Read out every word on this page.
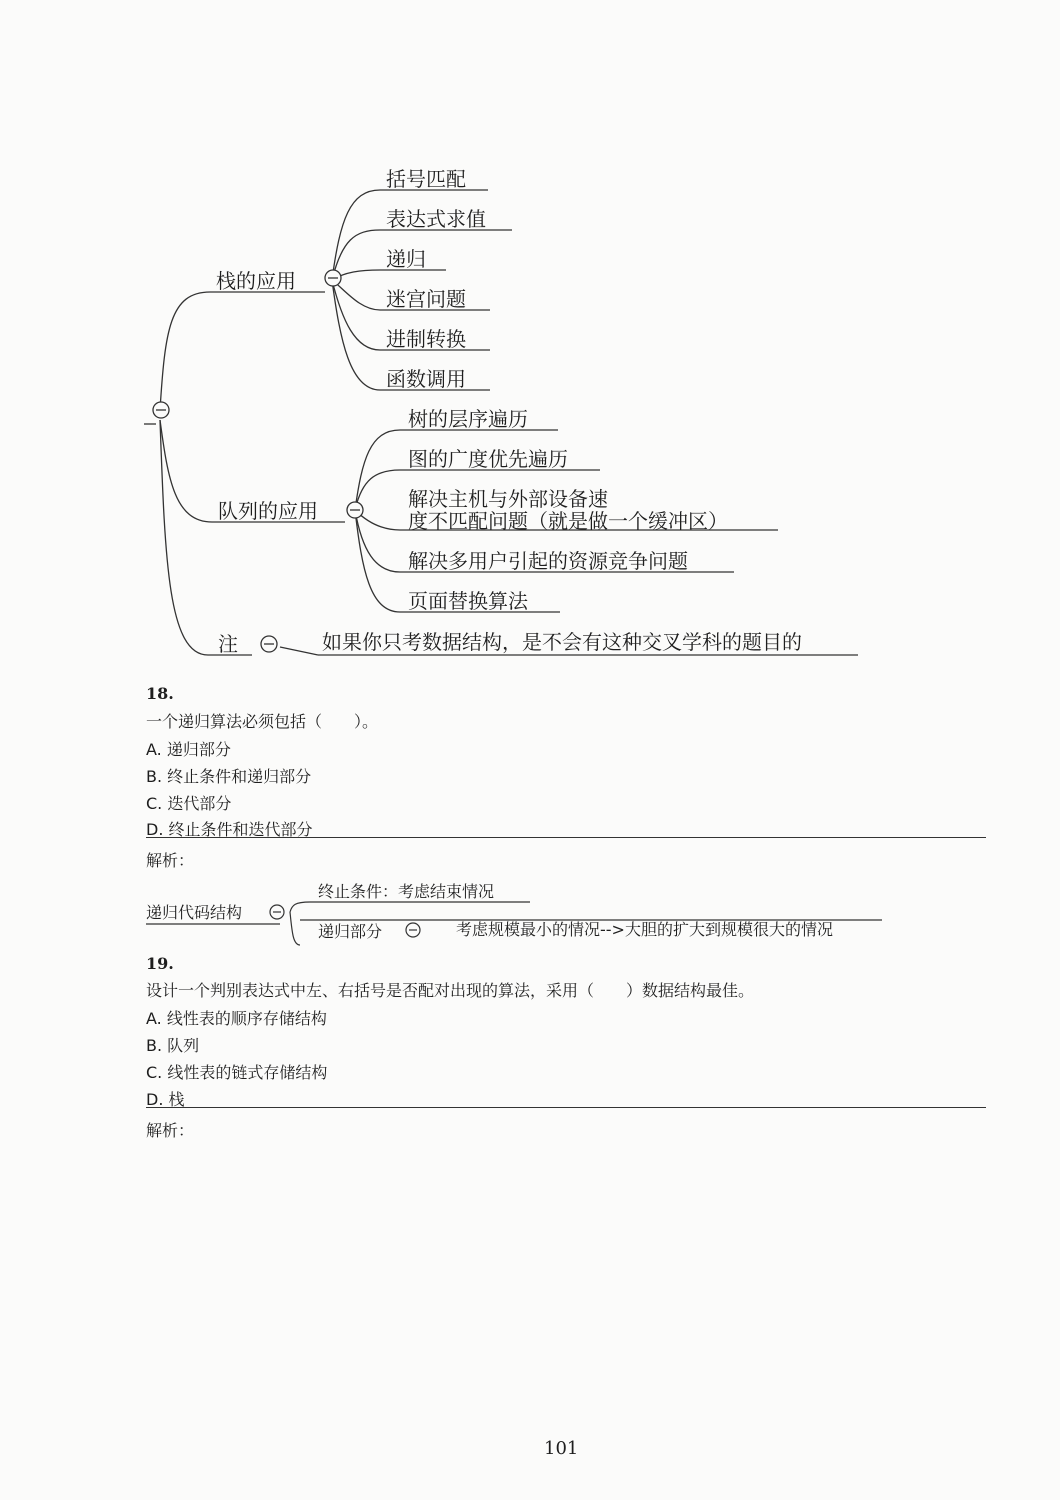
栈的应用
括号匹配
表达式求值
递归
迷宫问题
进制转换
函数调用
队列的应用
树的层序遍历
图的广度优先遍历
解决主机与外部设备速
度不匹配问题（就是做一个缓冲区）
解决多用户引起的资源竞争问题
页面替换算法
注	如果你只考数据结构，是不会有这种交叉学科的题目的
18.
一个递归算法必须包括（　　）。
A. 递归部分
B. 终止条件和递归部分
C. 迭代部分
D. 终止条件和迭代部分
解析：
递归代码结构
终止条件：考虑结束情况
递归部分	考虑规模最小的情况-->大胆的扩大到规模很大的情况
19.
设计一个判别表达式中左、右括号是否配对出现的算法，采用（　　）数据结构最佳。
A. 线性表的顺序存储结构
B. 队列
C. 线性表的链式存储结构
D. 栈
解析：
101
